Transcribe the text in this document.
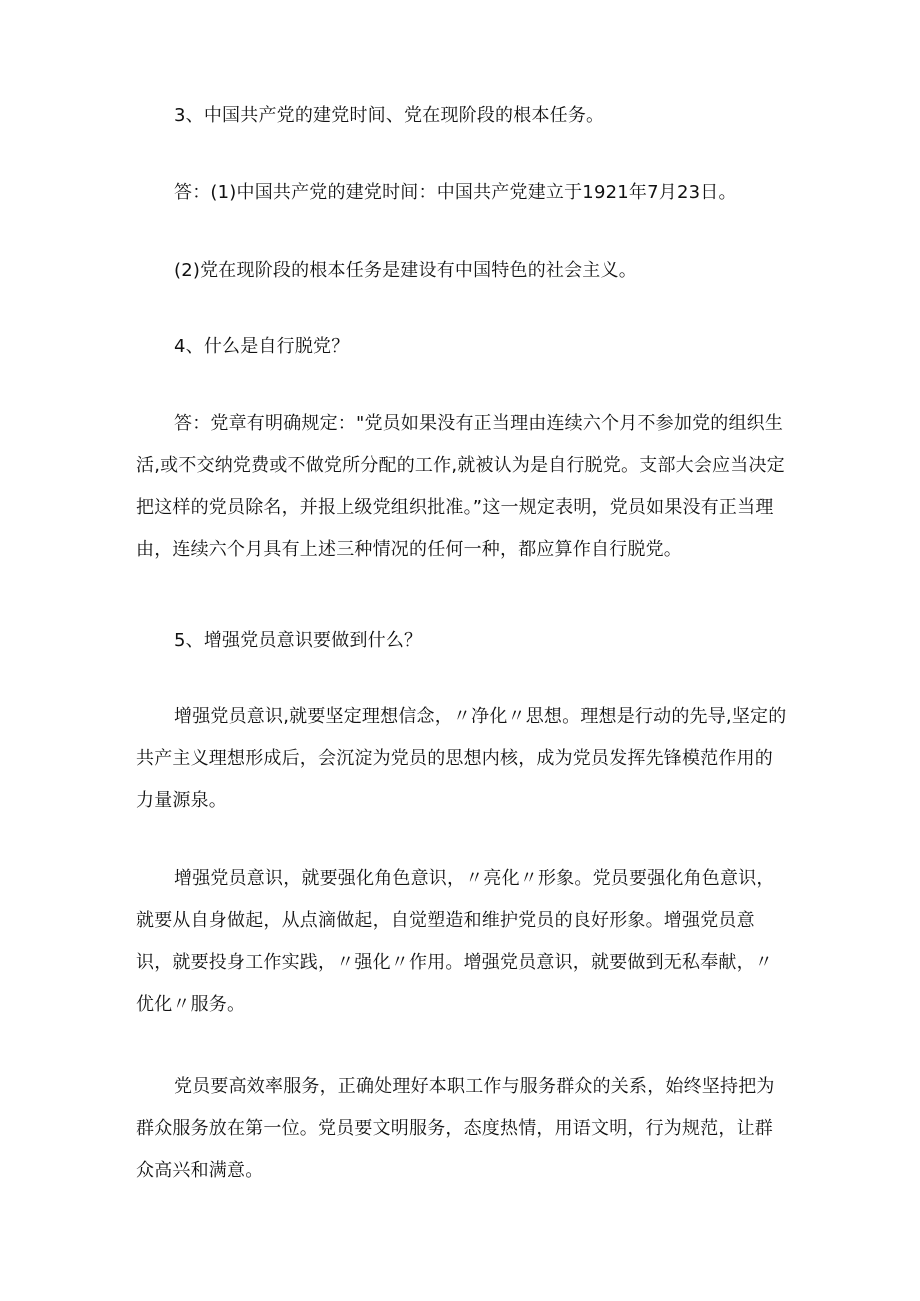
3、中国共产党的建党时间、党在现阶段的根本任务。

答：(1)中国共产党的建党时间：中国共产党建立于1921年7月23日。

(2)党在现阶段的根本任务是建设有中国特色的社会主义。

4、什么是自行脱党？

答：党章有明确规定："党员如果没有正当理由连续六个月不参加党的组织生活,或不交纳党费或不做党所分配的工作,就被认为是自行脱党。支部大会应当决定把这样的党员除名，并报上级党组织批准。”这一规定表明，党员如果没有正当理由，连续六个月具有上述三种情况的任何一种，都应算作自行脱党。

5、增强党员意识要做到什么？

增强党员意识,就要坚定理想信念，〃净化〃思想。理想是行动的先导,坚定的共产主义理想形成后，会沉淀为党员的思想内核，成为党员发挥先锋模范作用的力量源泉。

增强党员意识，就要强化角色意识，〃亮化〃形象。党员要强化角色意识，就要从自身做起，从点滴做起，自觉塑造和维护党员的良好形象。增强党员意识，就要投身工作实践，〃强化〃作用。增强党员意识，就要做到无私奉献，〃优化〃服务。

党员要高效率服务，正确处理好本职工作与服务群众的关系，始终坚持把为群众服务放在第一位。党员要文明服务，态度热情，用语文明，行为规范，让群众高兴和满意。
